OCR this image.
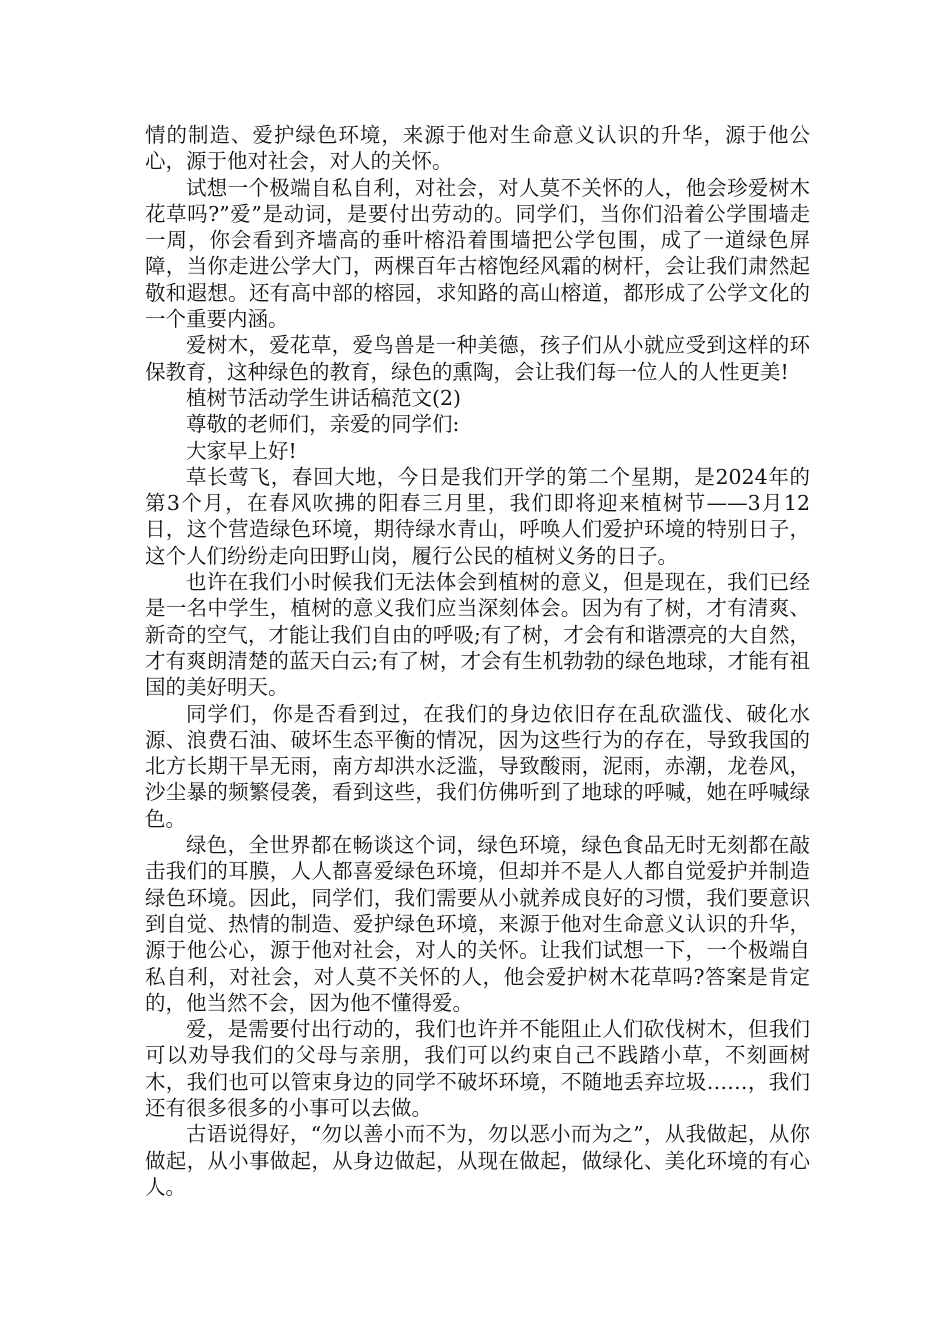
情的制造、爱护绿色环境，来源于他对生命意义认识的升华，源于他公心，源于他对社会，对人的关怀。

试想一个极端自私自利，对社会，对人莫不关怀的人，他会珍爱树木花草吗?”爱”是动词，是要付出劳动的。同学们，当你们沿着公学围墙走一周，你会看到齐墙高的垂叶榕沿着围墙把公学包围，成了一道绿色屏障，当你走进公学大门，两棵百年古榕饱经风霜的树杆，会让我们肃然起敬和遐想。还有高中部的榕园，求知路的高山榕道，都形成了公学文化的一个重要内涵。

爱树木，爱花草，爱鸟兽是一种美德，孩子们从小就应受到这样的环保教育，这种绿色的教育，绿色的熏陶，会让我们每一位人的人性更美!

植树节活动学生讲话稿范文(2)

尊敬的老师们，亲爱的同学们:

大家早上好!

草长莺飞，春回大地，今日是我们开学的第二个星期，是2024年的第3个月，在春风吹拂的阳春三月里，我们即将迎来植树节——3月12日，这个营造绿色环境，期待绿水青山，呼唤人们爱护环境的特别日子，这个人们纷纷走向田野山岗，履行公民的植树义务的日子。

也许在我们小时候我们无法体会到植树的意义，但是现在，我们已经是一名中学生，植树的意义我们应当深刻体会。因为有了树，才有清爽、新奇的空气，才能让我们自由的呼吸;有了树，才会有和谐漂亮的大自然，才有爽朗清楚的蓝天白云;有了树，才会有生机勃勃的绿色地球，才能有祖国的美好明天。

同学们，你是否看到过，在我们的身边依旧存在乱砍滥伐、破化水源、浪费石油、破坏生态平衡的情况，因为这些行为的存在，导致我国的北方长期干旱无雨，南方却洪水泛滥，导致酸雨，泥雨，赤潮，龙卷风，沙尘暴的频繁侵袭，看到这些，我们仿佛听到了地球的呼喊，她在呼喊绿色。

绿色，全世界都在畅谈这个词，绿色环境，绿色食品无时无刻都在敲击我们的耳膜，人人都喜爱绿色环境，但却并不是人人都自觉爱护并制造绿色环境。因此，同学们，我们需要从小就养成良好的习惯，我们要意识到自觉、热情的制造、爱护绿色环境，来源于他对生命意义认识的升华，源于他公心，源于他对社会，对人的关怀。让我们试想一下，一个极端自私自利，对社会，对人莫不关怀的人，他会爱护树木花草吗?答案是肯定的，他当然不会，因为他不懂得爱。

爱，是需要付出行动的，我们也许并不能阻止人们砍伐树木，但我们可以劝导我们的父母与亲朋，我们可以约束自己不践踏小草，不刻画树木，我们也可以管束身边的同学不破坏环境，不随地丢弃垃圾……，我们还有很多很多的小事可以去做。

古语说得好，“勿以善小而不为，勿以恶小而为之”，从我做起，从你做起，从小事做起，从身边做起，从现在做起，做绿化、美化环境的有心人。
